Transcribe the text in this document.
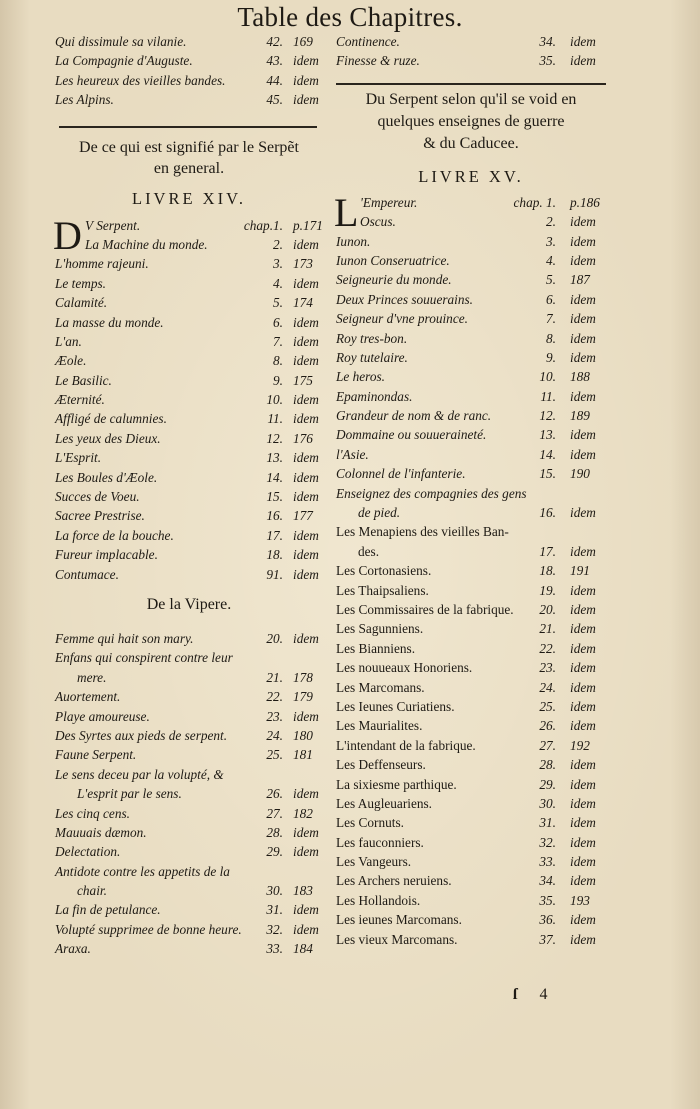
Table des Chapitres.
Qui dissimule sa vilanie.	42. 169
La Compagnie d'Auguste.	43. idem
Les heureux des vieilles bandes.	44. idem
Les Alpins.	45. idem
De ce qui est signifié par le Serpẽt
en general.
LIVRE XIV.
D V Serpent.	chap.1. p.171
La Machine du monde.	2. idem
L'homme rajeuni.	3. 173
Le temps.	4. idem
Calamité.	5. 174
La masse du monde.	6. idem
L'an.	7. idem
Æole.	8. idem
Le Basilic.	9. 175
Æternité.	10. idem
Affligé de calumnies.	11. idem
Les yeux des Dieux.	12. 176
L'Esprit.	13. idem
Les Boules d'Æole.	14. idem
Succes de Voeu.	15. idem
Sacree Prestrise.	16. 177
La force de la bouche.	17. idem
Fureur implacable.	18. idem
Contumace.	91. idem
De la Vipere.
Femme qui hait son mary.	20. idem
Enfans qui conspirent contre leur
mere.	21. 178
Auortement.	22. 179
Playe amoureuse.	23. idem
Des Syrtes aux pieds de serpent.	24. 180
Faune Serpent.	25. 181
Le sens deceu par la volupté, &
L'esprit par le sens.	26. idem
Les cinq cens.	27. 182
Mauuais dæmon.	28. idem
Delectation.	29. idem
Antidote contre les appetits de la
chair.	30. 183
La fin de petulance.	31. idem
Volupté supprimee de bonne heure.	32. idem
Araxa.	33. 184
Continence.	34. idem
Finesse & ruze.	35. idem
Du Serpent selon qu'il se void en
quelques enseignes de guerre
& du Caducee.
LIVRE XV.
L 'Empereur.	chap. 1. p.186
Oscus.	2. idem
Iunon.	3. idem
Iunon Conseruatrice.	4. idem
Seigneurie du monde.	5. 187
Deux Princes souuerains.	6. idem
Seigneur d'vne prouince.	7. idem
Roy tres-bon.	8. idem
Roy tutelaire.	9. idem
Le heros.	10. 188
Epaminondas.	11. idem
Grandeur de nom & de ranc.	12. 189
Dommaine ou souueraineté.	13. idem
l'Asie.	14. idem
Colonnel de l'infanterie.	15. 190
Enseignez des compagnies des gens
de pied.	16. idem
Les Menapiens des vieilles Ban-
des.	17. idem
Les Cortonasiens.	18. 191
Les Thaipsaliens.	19. idem
Les Commissaires de la fabrique.	20. idem
Les Sagunniens.	21. idem
Les Bianniens.	22. idem
Les nouueaux Honoriens.	23. idem
Les Marcomans.	24. idem
Les Ieunes Curiatiens.	25. idem
Les Maurialites.	26. idem
L'intendant de la fabrique.	27. 192
Les Deffenseurs.	28. idem
La sixiesme parthique.	29. idem
Les Augleuariens.	30. idem
Les Cornuts.	31. idem
Les fauconniers.	32. idem
Les Vangeurs.	33. idem
Les Archers neruiens.	34. idem
Les Hollandois.	35. 193
Les ieunes Marcomans.	36. idem
Les vieux Marcomans.	37. idem
ſ 4
